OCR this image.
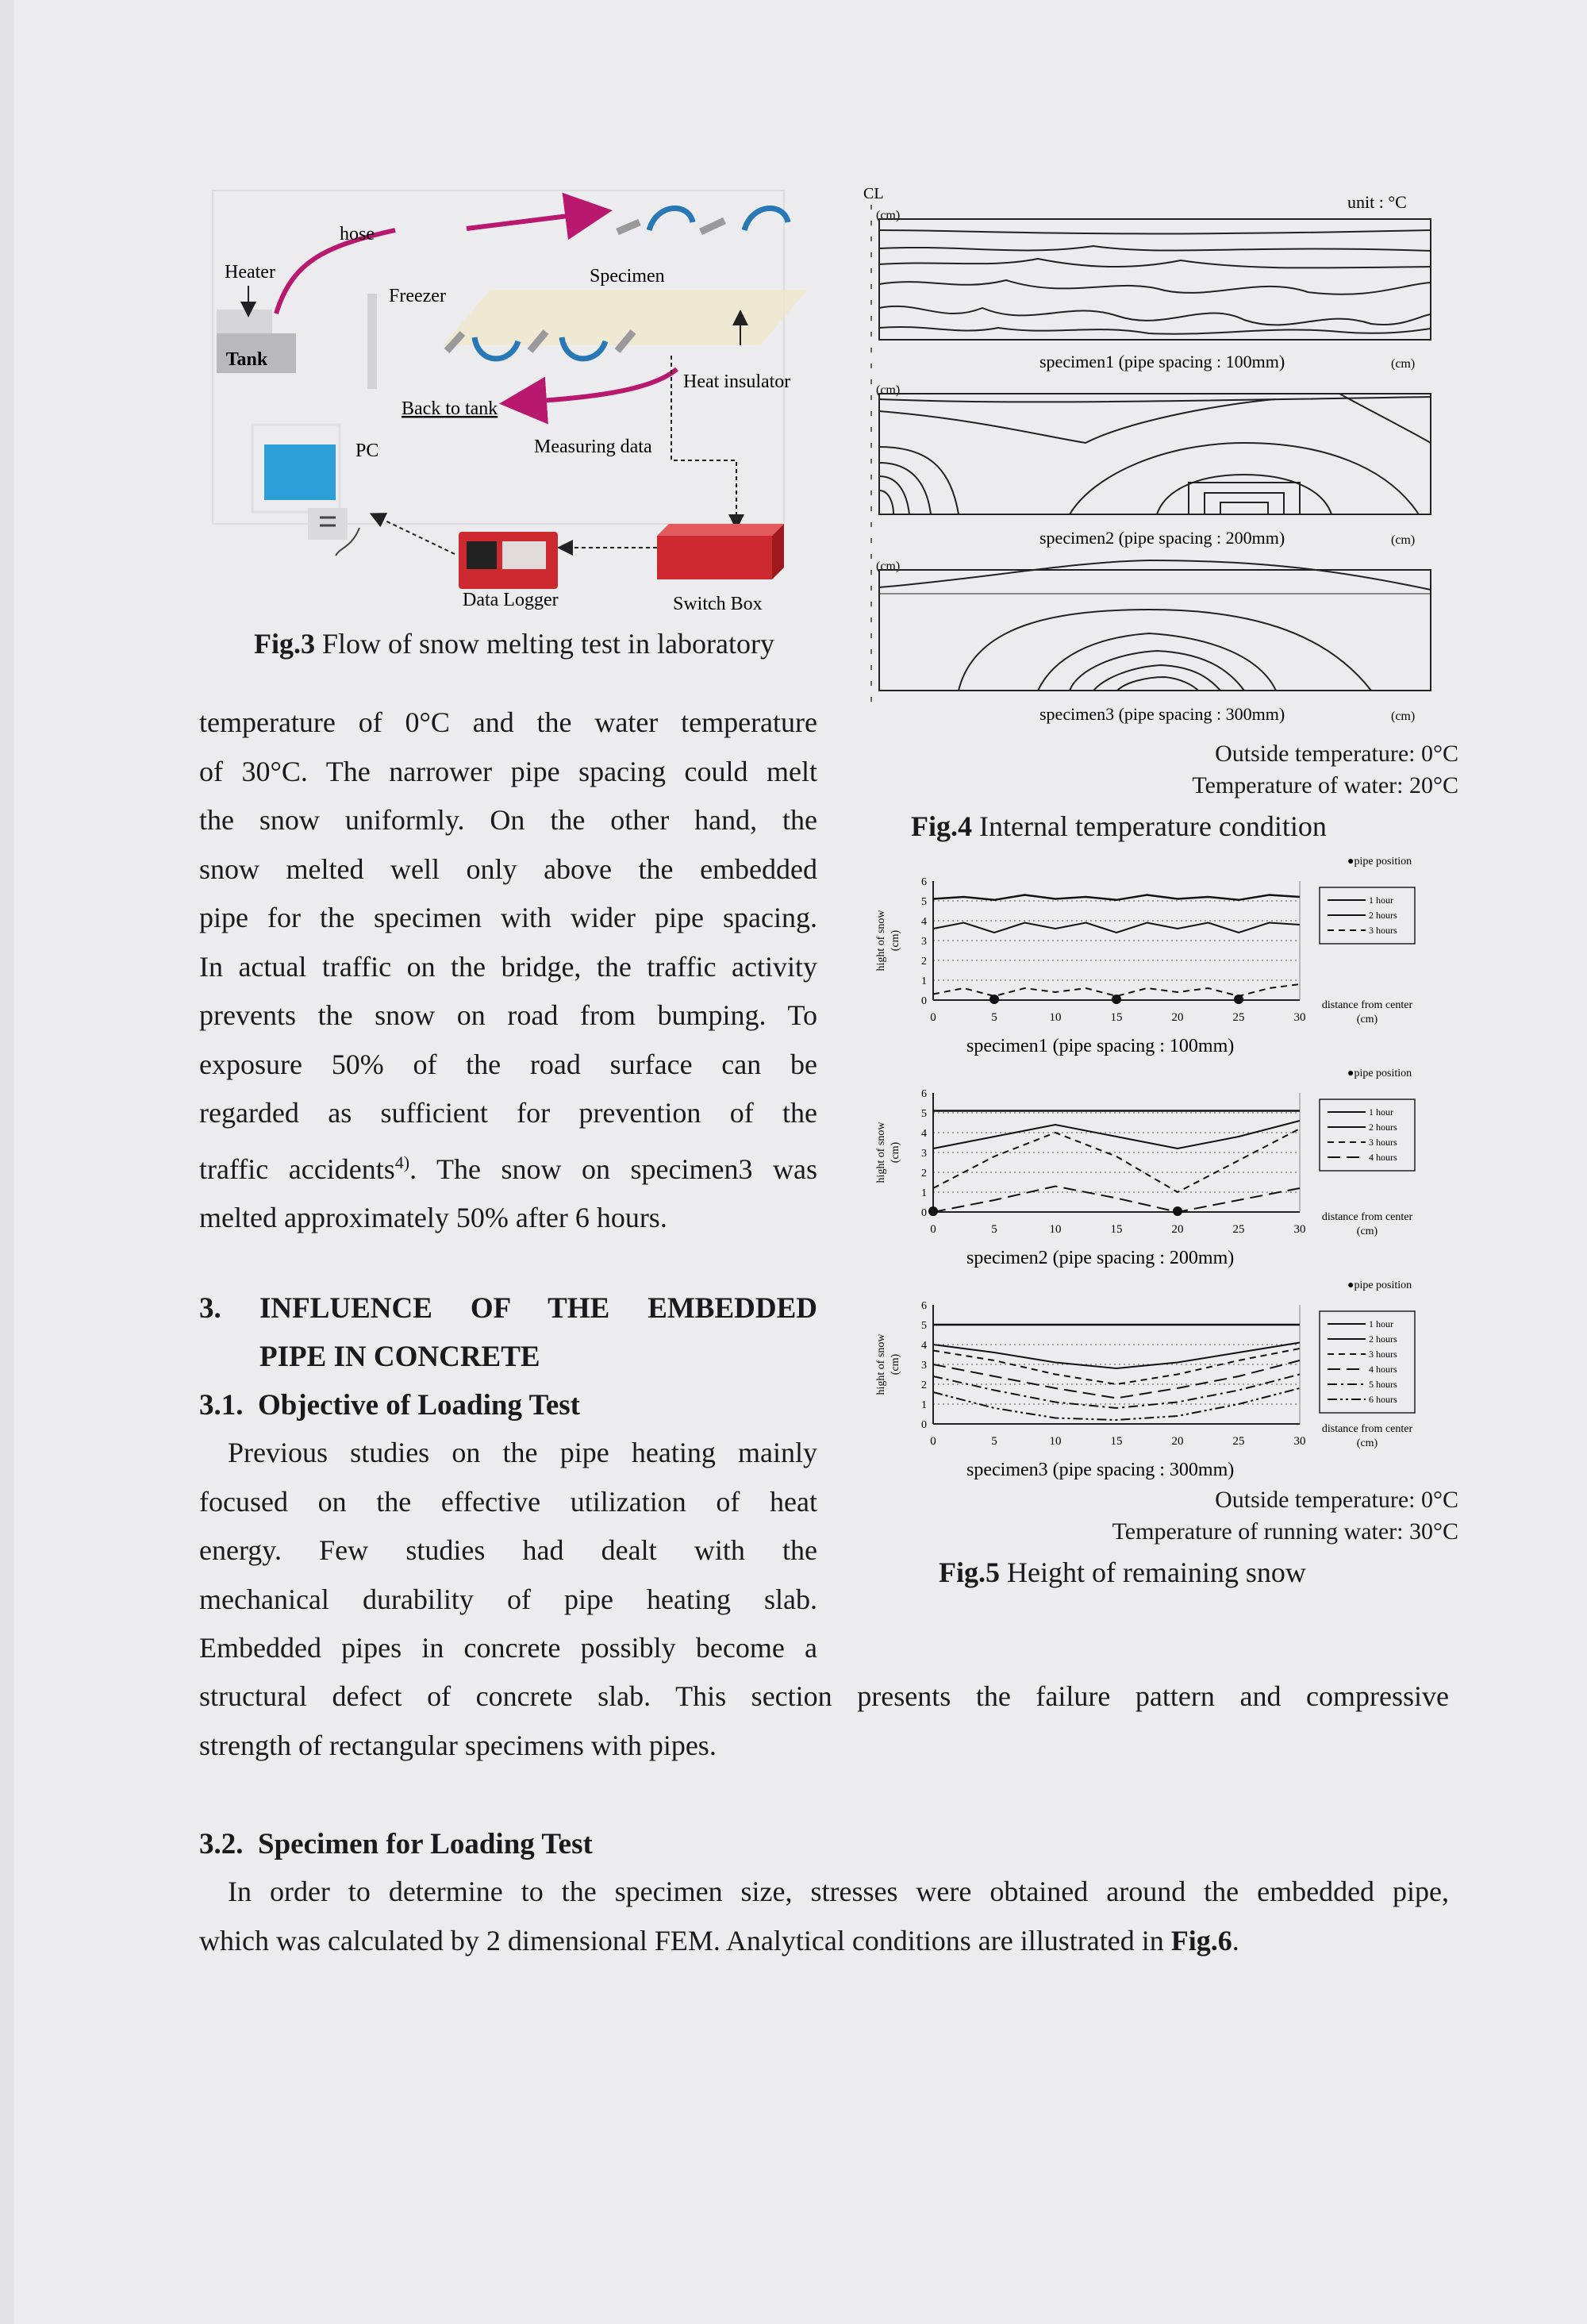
Heater
hose
Tank
Freezer
Specimen
Back to tank
Heat insulator
PC	Measuring data
Data Logger	Switch Box
Fig.3 Flow of snow melting test in laboratory
CL	unit : °C
(cm)
specimen1 (pipe spacing : 100mm)	(cm)
(cm)
specimen2 (pipe spacing : 200mm)	(cm)
(cm)
specimen3 (pipe spacing : 300mm)	(cm)
Outside temperature: 0°C
Temperature of water: 20°C
Fig.4 Internal temperature condition
●pipe position
0
1
2
3
4
5
6
0	5	10	15	20	25	30
hight of snow (cm)
1 hour
2 hours
3 hours
distance from center
(cm)
specimen1 (pipe spacing : 100mm)
●pipe position
0
1
2
3
4
5
6
0	5	10	15	20	25	30
hight of snow (cm)
1 hour
2 hours
3 hours
4 hours
distance from center
(cm)
specimen2 (pipe spacing : 200mm)
●pipe position
0
1
2
3
4
5
6
0	5	10	15	20	25	30
hight of snow (cm)
1 hour
2 hours
3 hours
4 hours
5 hours
6 hours
distance from center
(cm)
specimen3 (pipe spacing : 300mm)
Outside temperature: 0°C
Temperature of running water: 30°C
Fig.5 Height of remaining snow

temperature of 0°C and the water temperature

of 30°C. The narrower pipe spacing could melt

the snow uniformly. On the other hand, the

snow melted well only above the embedded

pipe for the specimen with wider pipe spacing.

In actual traffic on the bridge, the traffic activity

prevents the snow on road from bumping. To

exposure 50% of the road surface can be

regarded as sufficient for prevention of the

traffic accidents$^{4)}$. The snow on specimen3 was

melted approximately 50% after 6 hours.

3.	INFLUENCE OF THE EMBEDDED
PIPE IN CONCRETE
3.1.  Objective of Loading Test

Previous studies on the pipe heating mainly

focused on the effective utilization of heat

energy. Few studies had dealt with the

mechanical durability of pipe heating slab.

Embedded pipes in concrete possibly become a

structural defect of concrete slab. This section presents the failure pattern and compressive

strength of rectangular specimens with pipes.

3.2.  Specimen for Loading Test

In order to determine to the specimen size, stresses were obtained around the embedded pipe,

which was calculated by 2 dimensional FEM. Analytical conditions are illustrated in Fig.6.
